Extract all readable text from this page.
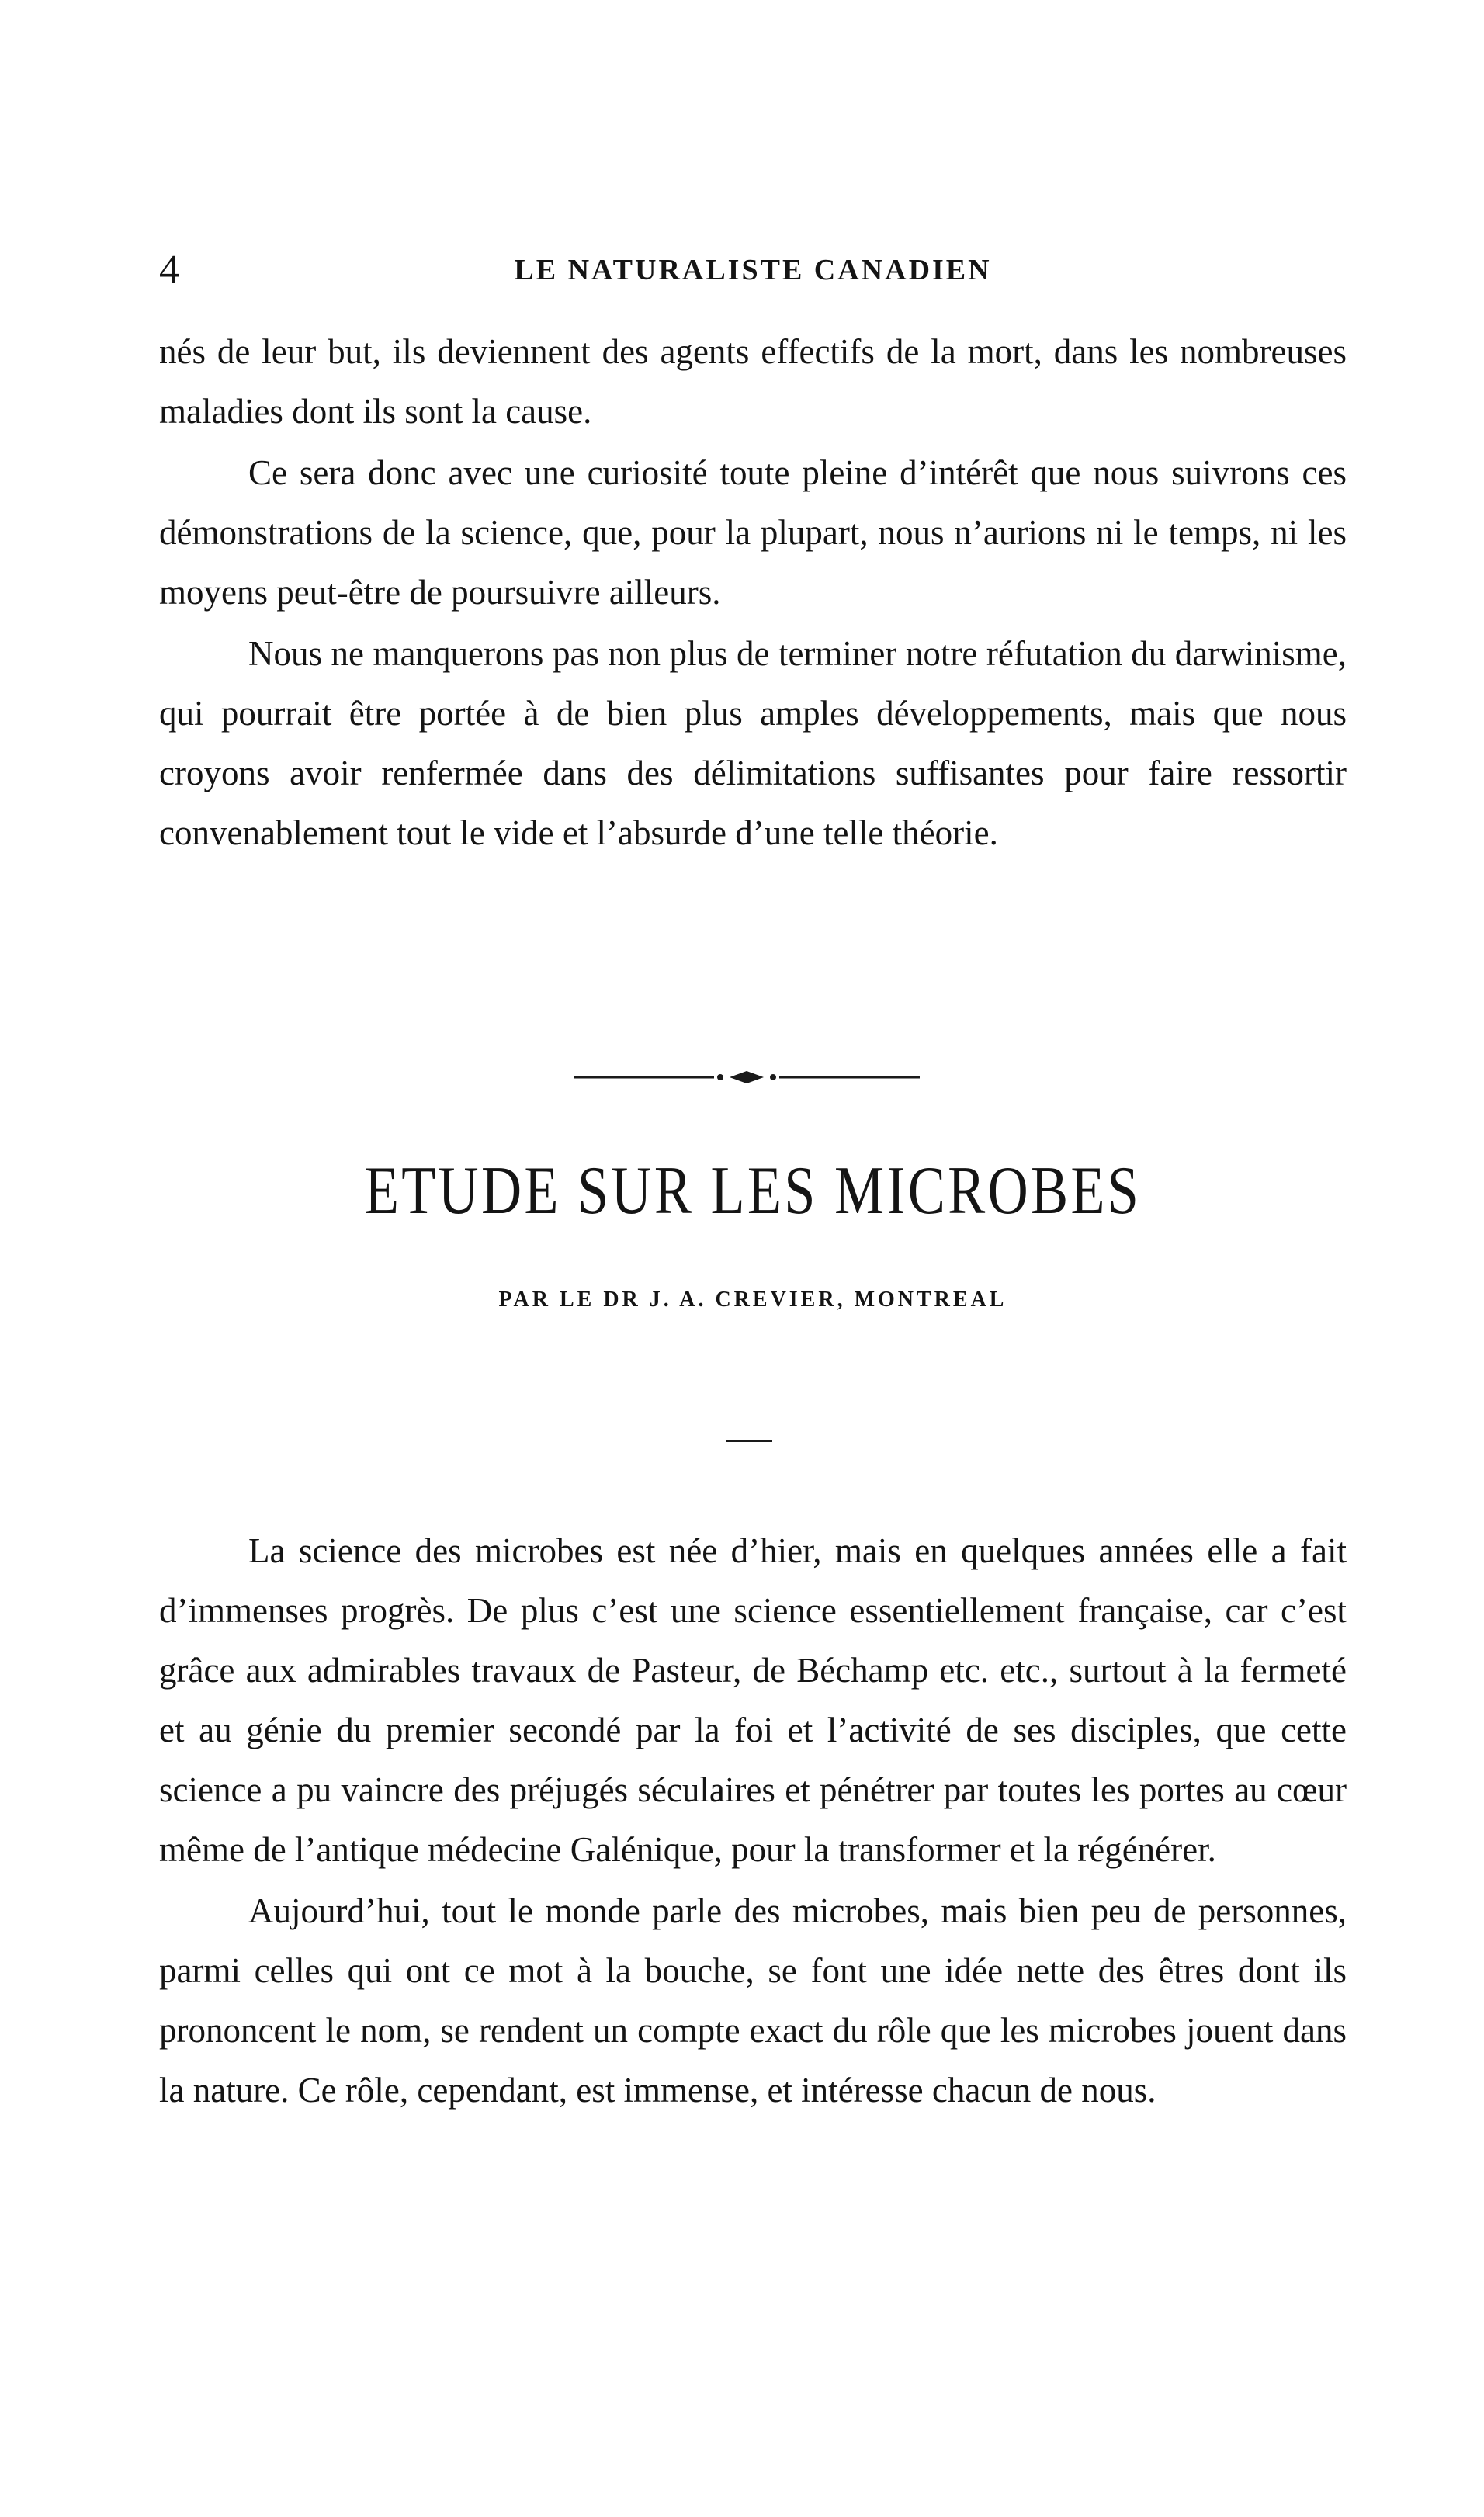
4	LE NATURALISTE CANADIEN

nés de leur but, ils deviennent des agents effectifs de la mort, dans les nombreuses maladies dont ils sont la cause.

Ce sera donc avec une curiosité toute pleine d’intérêt que nous suivrons ces démonstrations de la science, que, pour la plupart, nous n’aurions ni le temps, ni les moyens peut-être de poursuivre ailleurs.

Nous ne manquerons pas non plus de terminer notre réfutation du darwinisme, qui pourrait être portée à de bien plus amples développements, mais que nous croyons avoir renfermée dans des délimitations suffisantes pour faire ressortir convenablement tout le vide et l’absurde d’une telle théorie.

ETUDE SUR LES MICROBES
PAR LE DR J. A. CREVIER, MONTREAL

La science des microbes est née d’hier, mais en quelques années elle a fait d’immenses progrès. De plus c’est une science essentiellement française, car c’est grâce aux admirables travaux de Pasteur, de Béchamp etc. etc., surtout à la fermeté et au génie du premier secondé par la foi et l’activité de ses disciples, que cette science a pu vaincre des préjugés séculaires et pénétrer par toutes les portes au cœur même de l’antique médecine Galénique, pour la transformer et la régénérer.

Aujourd’hui, tout le monde parle des microbes, mais bien peu de personnes, parmi celles qui ont ce mot à la bouche, se font une idée nette des êtres dont ils prononcent le nom, se rendent un compte exact du rôle que les microbes jouent dans la nature. Ce rôle, cependant, est immense, et intéresse chacun de nous.
